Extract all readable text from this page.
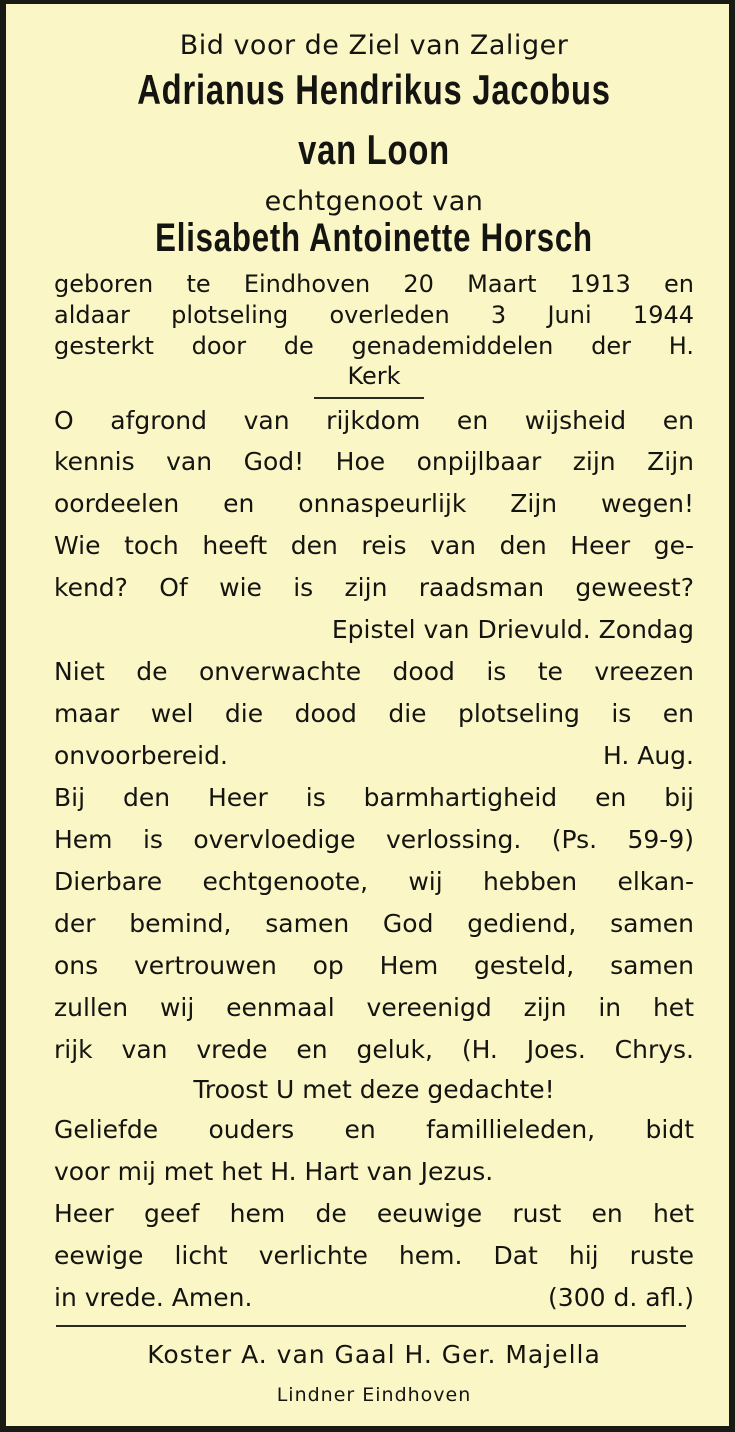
Bid voor de Ziel van Zaliger
Adrianus Hendrikus Jacobus
van Loon
echtgenoot van
Elisabeth Antoinette Horsch
geboren te Eindhoven 20 Maart 1913 en
aldaar plotseling overleden 3 Juni 1944
gesterkt door de genademiddelen der H.
Kerk
O afgrond van rijkdom en wijsheid en
kennis van God! Hoe onpijlbaar zijn Zijn
oordeelen en onnaspeurlijk Zijn wegen!
Wie toch heeft den reis van den Heer ge-
kend? Of wie is zijn raadsman geweest?
Epistel van Drievuld. Zondag
Niet de onverwachte dood is te vreezen
maar wel die dood die plotseling is en
onvoorbereid.	H. Aug.
Bij den Heer is barmhartigheid en bij
Hem is overvloedige verlossing. (Ps. 59-9)
Dierbare echtgenoote, wij hebben elkan-
der bemind, samen God gediend, samen
ons vertrouwen op Hem gesteld, samen
zullen wij eenmaal vereenigd zijn in het
rijk van vrede en geluk, (H. Joes. Chrys.
Troost U met deze gedachte!
Geliefde ouders en famillieleden, bidt
voor mij met het H. Hart van Jezus.
Heer geef hem de eeuwige rust en het
eewige licht verlichte hem. Dat hij ruste
in vrede. Amen.	(300 d. afl.)
Koster A. van Gaal H. Ger. Majella
Lindner Eindhoven
